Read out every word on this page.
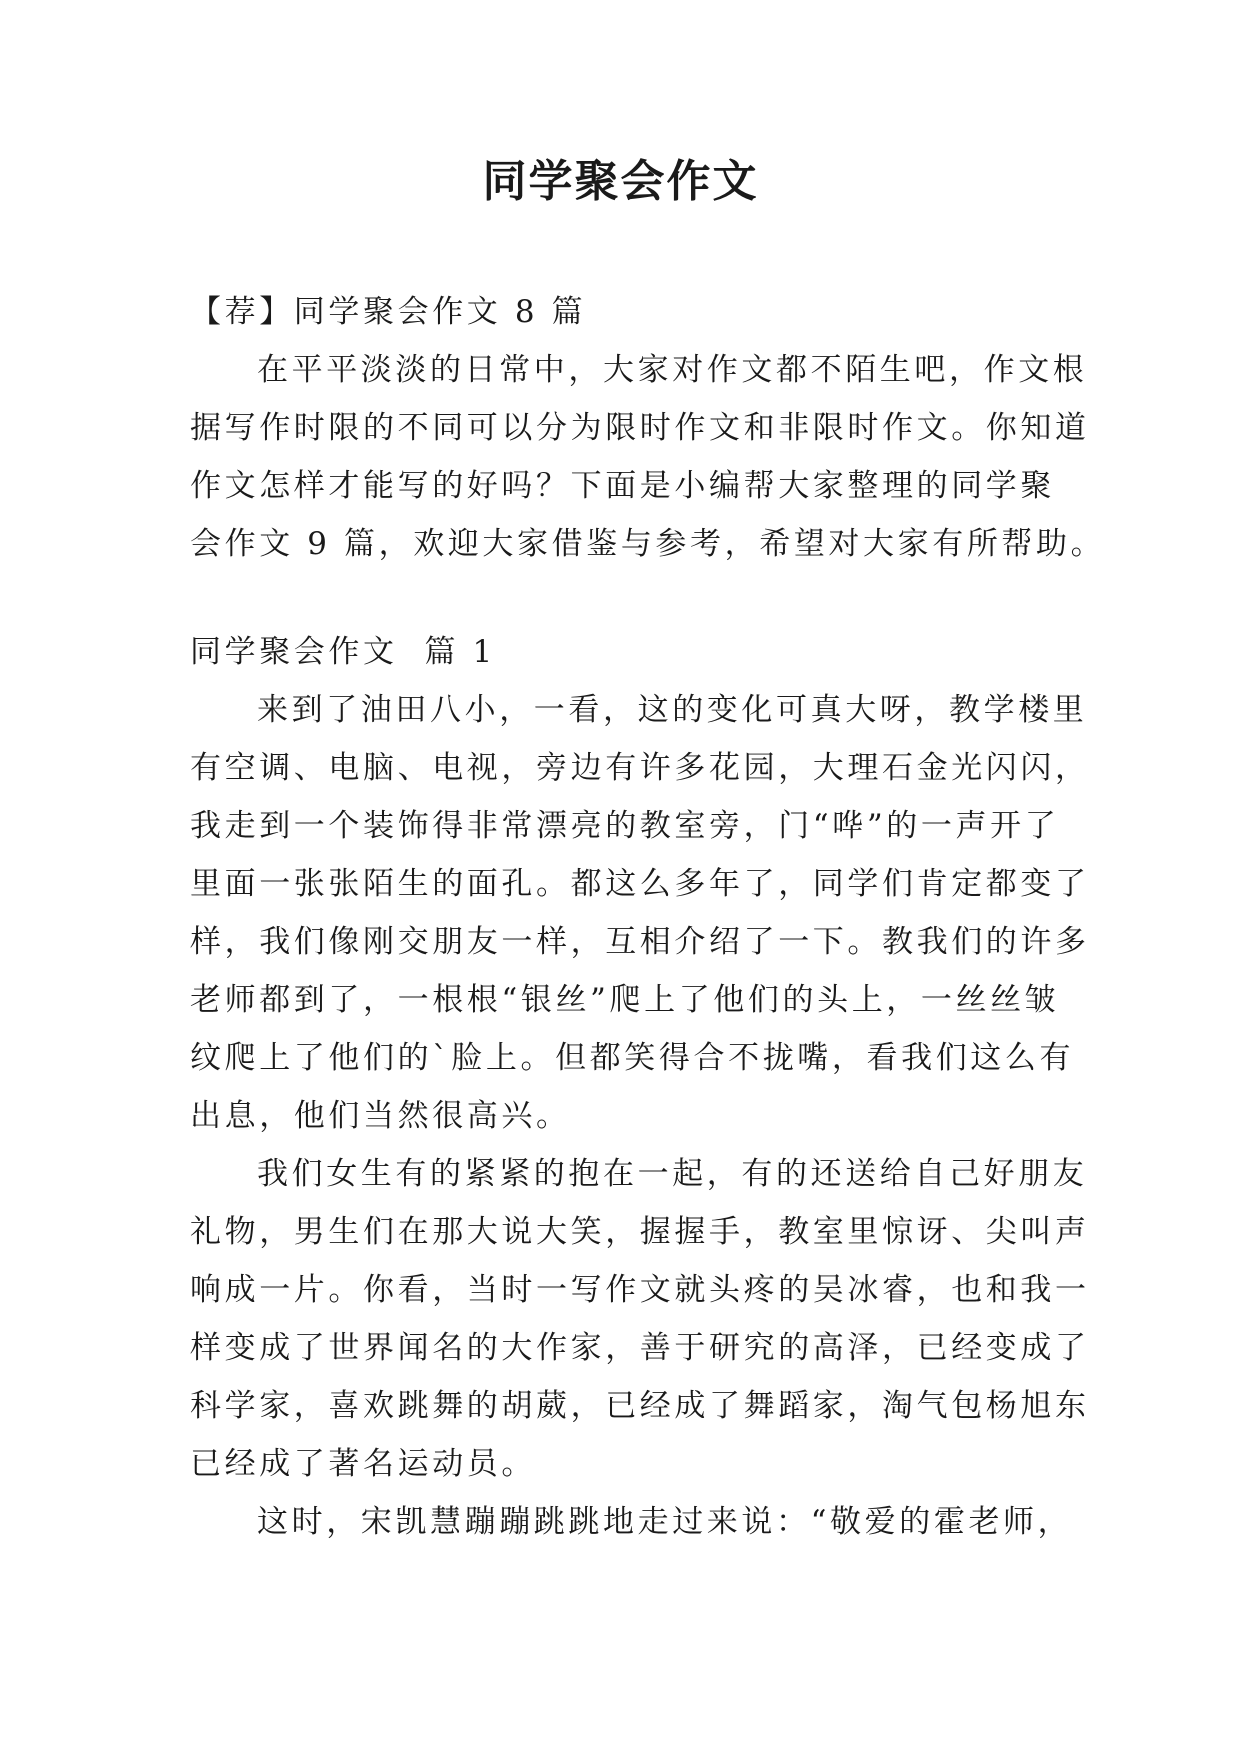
同学聚会作文
【荐】同学聚会作文 8 篇
在平平淡淡的日常中，大家对作文都不陌生吧，作文根
据写作时限的不同可以分为限时作文和非限时作文。你知道
作文怎样才能写的好吗？下面是小编帮大家整理的同学聚
会作文 9 篇，欢迎大家借鉴与参考，希望对大家有所帮助。
同学聚会作文  篇 1
来到了油田八小，一看，这的变化可真大呀，教学楼里
有空调、电脑、电视，旁边有许多花园，大理石金光闪闪，
我走到一个装饰得非常漂亮的教室旁，门“哗”的一声开了
里面一张张陌生的面孔。都这么多年了，同学们肯定都变了
样，我们像刚交朋友一样，互相介绍了一下。教我们的许多
老师都到了，一根根“银丝”爬上了他们的头上，一丝丝皱
纹爬上了他们的`脸上。但都笑得合不拢嘴，看我们这么有
出息，他们当然很高兴。
我们女生有的紧紧的抱在一起，有的还送给自己好朋友
礼物，男生们在那大说大笑，握握手，教室里惊讶、尖叫声
响成一片。你看，当时一写作文就头疼的吴冰睿，也和我一
样变成了世界闻名的大作家，善于研究的高泽，已经变成了
科学家，喜欢跳舞的胡葳，已经成了舞蹈家，淘气包杨旭东
已经成了著名运动员。
这时，宋凯慧蹦蹦跳跳地走过来说：“敬爱的霍老师，
